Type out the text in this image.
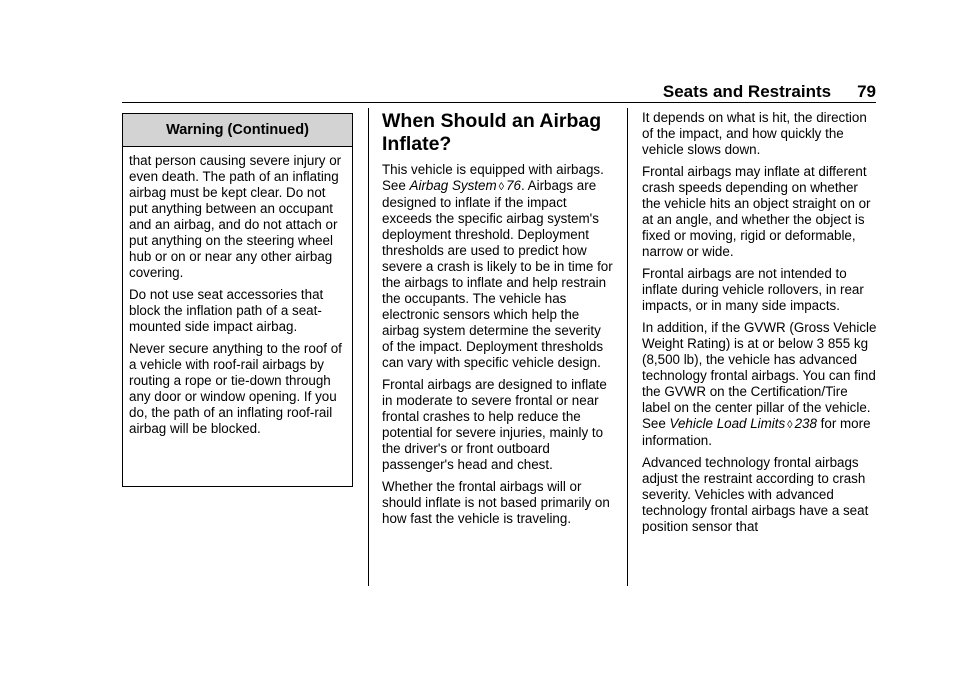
Seats and Restraints 79
Warning (Continued)

that person causing severe injury or even death. The path of an inflating airbag must be kept clear. Do not put anything between an occupant and an airbag, and do not attach or put anything on the steering wheel hub or on or near any other airbag covering.

Do not use seat accessories that block the inflation path of a seat-mounted side impact airbag.

Never secure anything to the roof of a vehicle with roof-rail airbags by routing a rope or tie-down through any door or window opening. If you do, the path of an inflating roof-rail airbag will be blocked.

When Should an Airbag Inflate?

This vehicle is equipped with airbags. See Airbag System ◊ 76. Airbags are designed to inflate if the impact exceeds the specific airbag system's deployment threshold. Deployment thresholds are used to predict how severe a crash is likely to be in time for the airbags to inflate and help restrain the occupants. The vehicle has electronic sensors which help the airbag system determine the severity of the impact. Deployment thresholds can vary with specific vehicle design.

Frontal airbags are designed to inflate in moderate to severe frontal or near frontal crashes to help reduce the potential for severe injuries, mainly to the driver's or front outboard passenger's head and chest.

Whether the frontal airbags will or should inflate is not based primarily on how fast the vehicle is traveling.

It depends on what is hit, the direction of the impact, and how quickly the vehicle slows down.

Frontal airbags may inflate at different crash speeds depending on whether the vehicle hits an object straight on or at an angle, and whether the object is fixed or moving, rigid or deformable, narrow or wide.

Frontal airbags are not intended to inflate during vehicle rollovers, in rear impacts, or in many side impacts.

In addition, if the GVWR (Gross Vehicle Weight Rating) is at or below 3 855 kg (8,500 lb), the vehicle has advanced technology frontal airbags. You can find the GVWR on the Certification/Tire label on the center pillar of the vehicle. See Vehicle Load Limits ◊ 238 for more information.

Advanced technology frontal airbags adjust the restraint according to crash severity. Vehicles with advanced technology frontal airbags have a seat position sensor that
